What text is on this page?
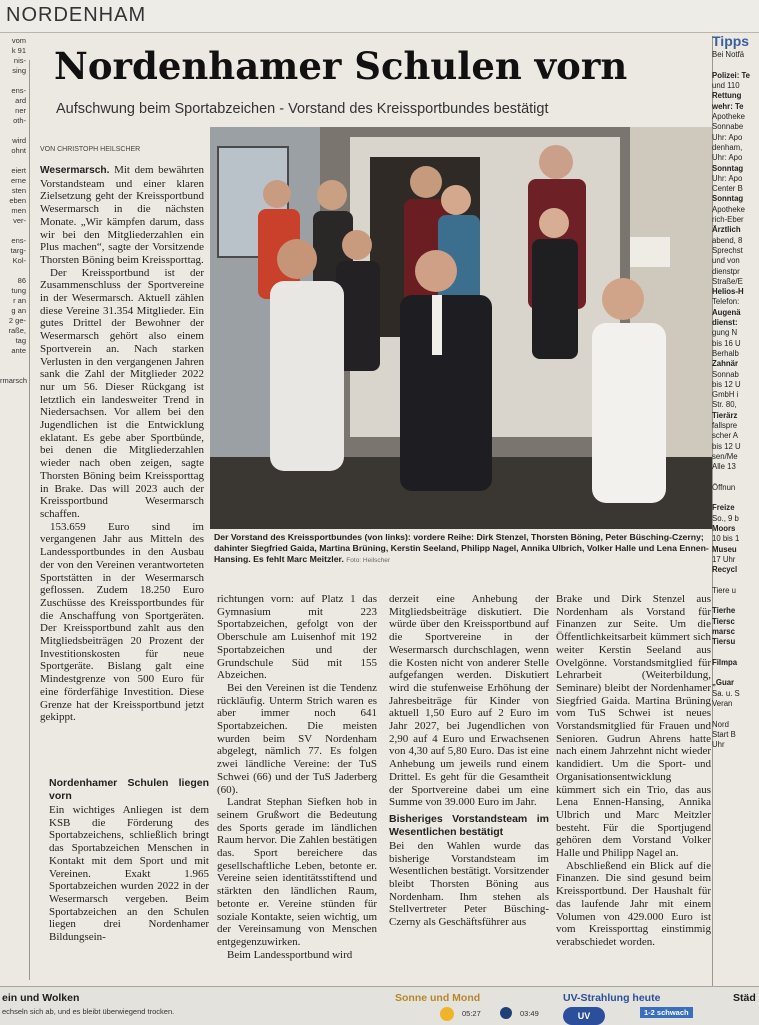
NORDENHAM
vom
k 91
nis-
sing

ens-
ard
ner
oth-

wird
ohnt

eiert
erne
sten
eben
men
ver-

ens-
targ-
Kol-

86
tung
r an
g an
2 ge-
raße,
tag
ante

rmarsch

Nordenhamer Schulen vorn
Aufschwung beim Sportabzeichen - Vorstand des Kreissportbundes bestätigt
VON CHRISTOPH HEILSCHER

Wesermarsch. Mit dem bewährten Vorstandsteam und einer klaren Zielsetzung geht der Kreissportbund Wesermarsch in die nächsten Monate. „Wir kämpfen darum, dass wir bei den Mitgliederzahlen ein Plus machen“, sagte der Vorsitzende Thorsten Böning beim Kreissporttag.

Der Kreissportbund ist der Zusammenschluss der Sportvereine in der Wesermarsch. Aktuell zählen diese Vereine 31.354 Mitglieder. Ein gutes Drittel der Bewohner der Wesermarsch gehört also einem Sportverein an. Nach starken Verlusten in den vergangenen Jahren sank die Zahl der Mitglieder 2022 nur um 56. Dieser Rückgang ist letztlich ein landesweiter Trend in Niedersachsen. Vor allem bei den Jugendlichen ist die Entwicklung eklatant. Es gebe aber Sportbünde, bei denen die Mitgliederzahlen wieder nach oben zeigen, sagte Thorsten Böning beim Kreissporttag in Brake. Das will 2023 auch der Kreissportbund Wesermarsch schaffen.

153.659 Euro sind im vergangenen Jahr aus Mitteln des Landessportbundes in den Ausbau der von den Vereinen verantworteten Sportstätten in der Wesermarsch geflossen. Zudem 18.250 Euro Zuschüsse des Kreissportbundes für die Anschaffung von Sportgeräten. Der Kreissportbund zahlt aus den Mitgliedsbeiträgen 20 Prozent der Investitionskosten für neue Sportgeräte. Bislang galt eine Mindestgrenze von 500 Euro für eine förderfähige Investition. Diese Grenze hat der Kreissportbund jetzt gekippt.

Der Vorstand des Kreissportbundes (von links): vordere Reihe: Dirk Stenzel, Thorsten Böning, Peter Büsching-Czerny; dahinter Siegfried Gaida, Martina Brüning, Kerstin Seeland, Philipp Nagel, Annika Ulbrich, Volker Halle und Lena Ennen-Hansing. Es fehlt Marc Meitzler. Foto: Heilscher
Nordenhamer Schulen liegen vorn

Ein wichtiges Anliegen ist dem KSB die Förderung des Sportabzeichens, schließlich bringt das Sportabzeichen Menschen in Kontakt mit dem Sport und mit Vereinen. Exakt 1.965 Sportabzeichen wurden 2022 in der Wesermarsch vergeben. Beim Sportabzeichen an den Schulen liegen drei Nordenhamer Bildungsein-

richtungen vorn: auf Platz 1 das Gymnasium mit 223 Sportabzeichen, gefolgt von der Oberschule am Luisenhof mit 192 Sportabzeichen und der Grundschule Süd mit 155 Abzeichen.

Bei den Vereinen ist die Tendenz rückläufig. Unterm Strich waren es aber immer noch 641 Sportabzeichen. Die meisten wurden beim SV Nordenham abgelegt, nämlich 77. Es folgen zwei ländliche Vereine: der TuS Schwei (66) und der TuS Jaderberg (60).

Landrat Stephan Siefken hob in seinem Grußwort die Bedeutung des Sports gerade im ländlichen Raum hervor. Die Zahlen bestätigen das. Sport bereichere das gesellschaftliche Leben, betonte er. Vereine seien identitätsstiftend und stärkten den ländlichen Raum, betonte er. Vereine stünden für soziale Kontakte, seien wichtig, um der Vereinsamung von Menschen entgegenzuwirken.

Beim Landessportbund wird

derzeit eine Anhebung der Mitgliedsbeiträge diskutiert. Die würde über den Kreissportbund auf die Sportvereine in der Wesermarsch durchschlagen, wenn die Kosten nicht von anderer Stelle aufgefangen werden. Diskutiert wird die stufenweise Erhöhung der Jahresbeiträge für Kinder von aktuell 1,50 Euro auf 2 Euro im Jahr 2027, bei Jugendlichen von 2,90 auf 4 Euro und Erwachsenen von 4,30 auf 5,80 Euro. Das ist eine Anhebung um jeweils rund einem Drittel. Es geht für die Gesamtheit der Sportvereine dabei um eine Summe von 39.000 Euro im Jahr.

Bisheriges Vorstandsteam im Wesentlichen bestätigt

Bei den Wahlen wurde das bisherige Vorstandsteam im Wesentlichen bestätigt. Vorsitzender bleibt Thorsten Böning aus Nordenham. Ihm stehen als Stellvertreter Peter Büsching-Czerny als Geschäftsführer aus

Brake und Dirk Stenzel aus Nordenham als Vorstand für Finanzen zur Seite. Um die Öffentlichkeitsarbeit kümmert sich weiter Kerstin Seeland aus Ovelgönne. Vorstandsmitglied für Lehrarbeit (Weiterbildung, Seminare) bleibt der Nordenhamer Siegfried Gaida. Martina Brüning vom TuS Schwei ist neues Vorstandsmitglied für Frauen und Senioren. Gudrun Ahrens hatte nach einem Jahrzehnt nicht wieder kandidiert. Um die Sport- und Organisationsentwicklung kümmert sich ein Trio, das aus Lena Ennen-Hansing, Annika Ulbrich und Marc Meitzler besteht. Für die Sportjugend gehören dem Vorstand Volker Halle und Philipp Nagel an.

Abschließend ein Blick auf die Finanzen. Die sind gesund beim Kreissportbund. Der Haushalt für das laufende Jahr mit einem Volumen von 429.000 Euro ist vom Kreissporttag einstimmig verabschiedet worden.

Tipps
Bei Notfä

Polizei: Te
und 110
Rettung
wehr: Te
Apotheke
Sonnabe
Uhr: Apo
denham,
Uhr: Apo
Sonntag
Uhr: Apo
Center B
Sonntag
Apotheke
rich-Eber
Ärztlich
abend, 8
Sprechst
und von
dienstpr
Straße/E
Helios-H
Telefon:
Augenä
dienst:
gung N
bis 16 U
Berhalb
Zahnär
Sonnab
bis 12 U
GmbH i
Str. 80,
Tierärz
fallspre
scher A
bis 12 U
sen/Me
Alle 13

Öffnun

Freize
So., 9 b
Moors
10 bis 1
Museu
17 Uhr
Recycl

Tiere u

Tierhe
Tiersc
marsc
Tiersu

Filmpa

„Guar
Sa. u. S
Veran

Nord
Start B
Uhr
ein und Wolken
echseln sich ab, und es bleibt überwiegend trocken.
Sonne und Mond
05:27	03:49
UV-Strahlung heute
UV	1-2 schwach
Städ
